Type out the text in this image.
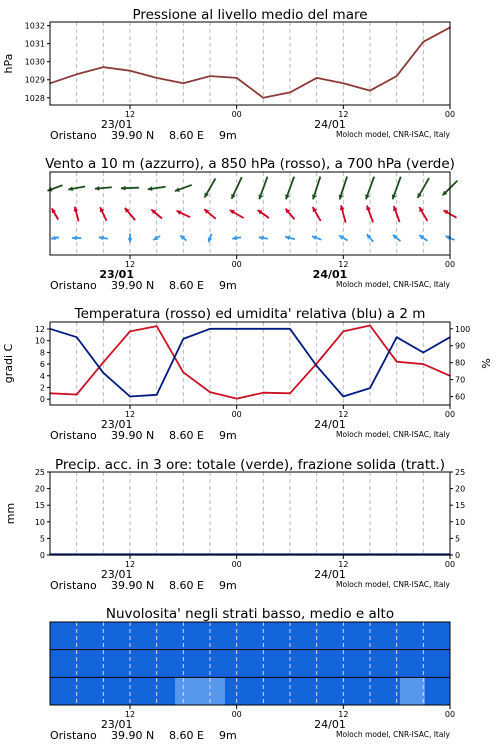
Pressione al livello medio del mare
12	00	12	00
23/01	24/01
Oristano 39.90 N 8.60 E 9m	Moloch model, CNR-ISAC, Italy
1028
1029
1030
1031
1032
hPa
Vento a 10 m (azzurro), a 850 hPa (rosso), a 700 hPa (verde)
12	00	12	00
23/01	24/01
Oristano 39.90 N 8.60 E 9m	Moloch model, CNR-ISAC, Italy
Temperatura (rosso) ed umidita' relativa (blu) a 2 m
12	00	12	00
23/01	24/01
Oristano 39.90 N 8.60 E 9m	Moloch model, CNR-ISAC, Italy
0
2
4
6
8
10
12
gradi C
60
70
80
90
100
%
Precip. acc. in 3 ore: totale (verde), frazione solida (tratt.)
12	00	12	00
23/01	24/01
Oristano 39.90 N 8.60 E 9m	Moloch model, CNR-ISAC, Italy
0
5
10
15
20
25
mm
0
5
10
15
20
25
Nuvolosita' negli strati basso, medio e alto
12	00	12	00
23/01	24/01
Oristano 39.90 N 8.60 E 9m	Moloch model, CNR-ISAC, Italy
